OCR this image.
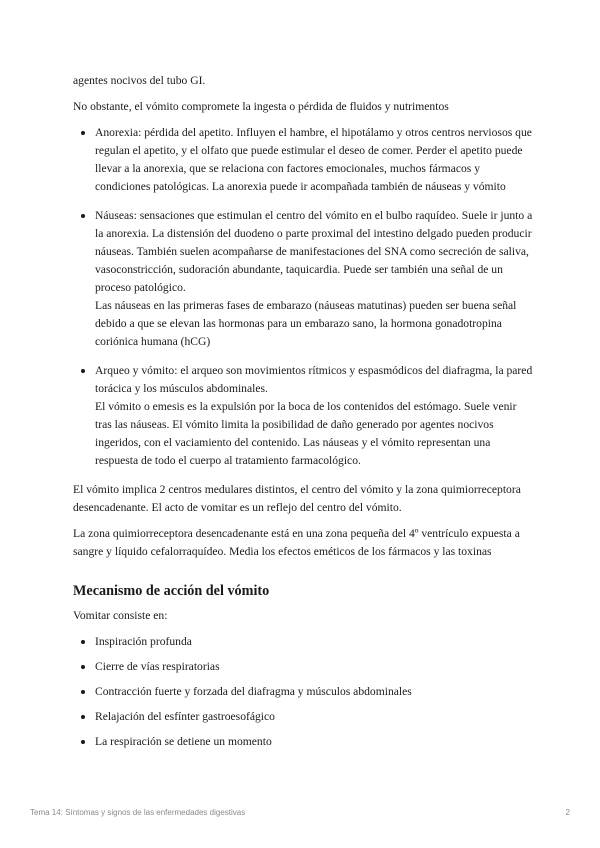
agentes nocivos del tubo GI.

No obstante, el vómito compromete la ingesta o pérdida de fluidos y nutrimentos

Anorexia: pérdida del apetito. Influyen el hambre, el hipotálamo y otros centros nerviosos que regulan el apetito, y el olfato que puede estimular el deseo de comer. Perder el apetito puede llevar a la anorexia, que se relaciona con factores emocionales, muchos fármacos y condiciones patológicas. La anorexia puede ir acompañada también de náuseas y vómito
Náuseas: sensaciones que estimulan el centro del vómito en el bulbo raquídeo. Suele ir junto a la anorexia. La distensión del duodeno o parte proximal del intestino delgado pueden producir náuseas. También suelen acompañarse de manifestaciones del SNA como secreción de saliva, vasoconstricción, sudoración abundante, taquicardia. Puede ser también una señal de un proceso patológico.
Las náuseas en las primeras fases de embarazo (náuseas matutinas) pueden ser buena señal debido a que se elevan las hormonas para un embarazo sano, la hormona gonadotropina coriónica humana (hCG)
Arqueo y vómito: el arqueo son movimientos rítmicos y espasmódicos del diafragma, la pared torácica y los músculos abdominales.
El vómito o emesis es la expulsión por la boca de los contenidos del estómago. Suele venir tras las náuseas. El vómito limita la posibilidad de daño generado por agentes nocivos ingeridos, con el vaciamiento del contenido. Las náuseas y el vómito representan una respuesta de todo el cuerpo al tratamiento farmacológico.

El vómito implica 2 centros medulares distintos, el centro del vómito y la zona quimiorreceptora desencadenante. El acto de vomitar es un reflejo del centro del vómito.

La zona quimiorreceptora desencadenante está en una zona pequeña del 4º ventrículo expuesta a sangre y líquido cefalorraquídeo. Media los efectos eméticos de los fármacos y las toxinas

Mecanismo de acción del vómito

Vomitar consiste en:

Inspiración profunda
Cierre de vías respiratorias
Contracción fuerte y forzada del diafragma y músculos abdominales
Relajación del esfínter gastroesofágico
La respiración se detiene un momento
Tema 14: Síntomas y signos de las enfermedades digestivas	2
